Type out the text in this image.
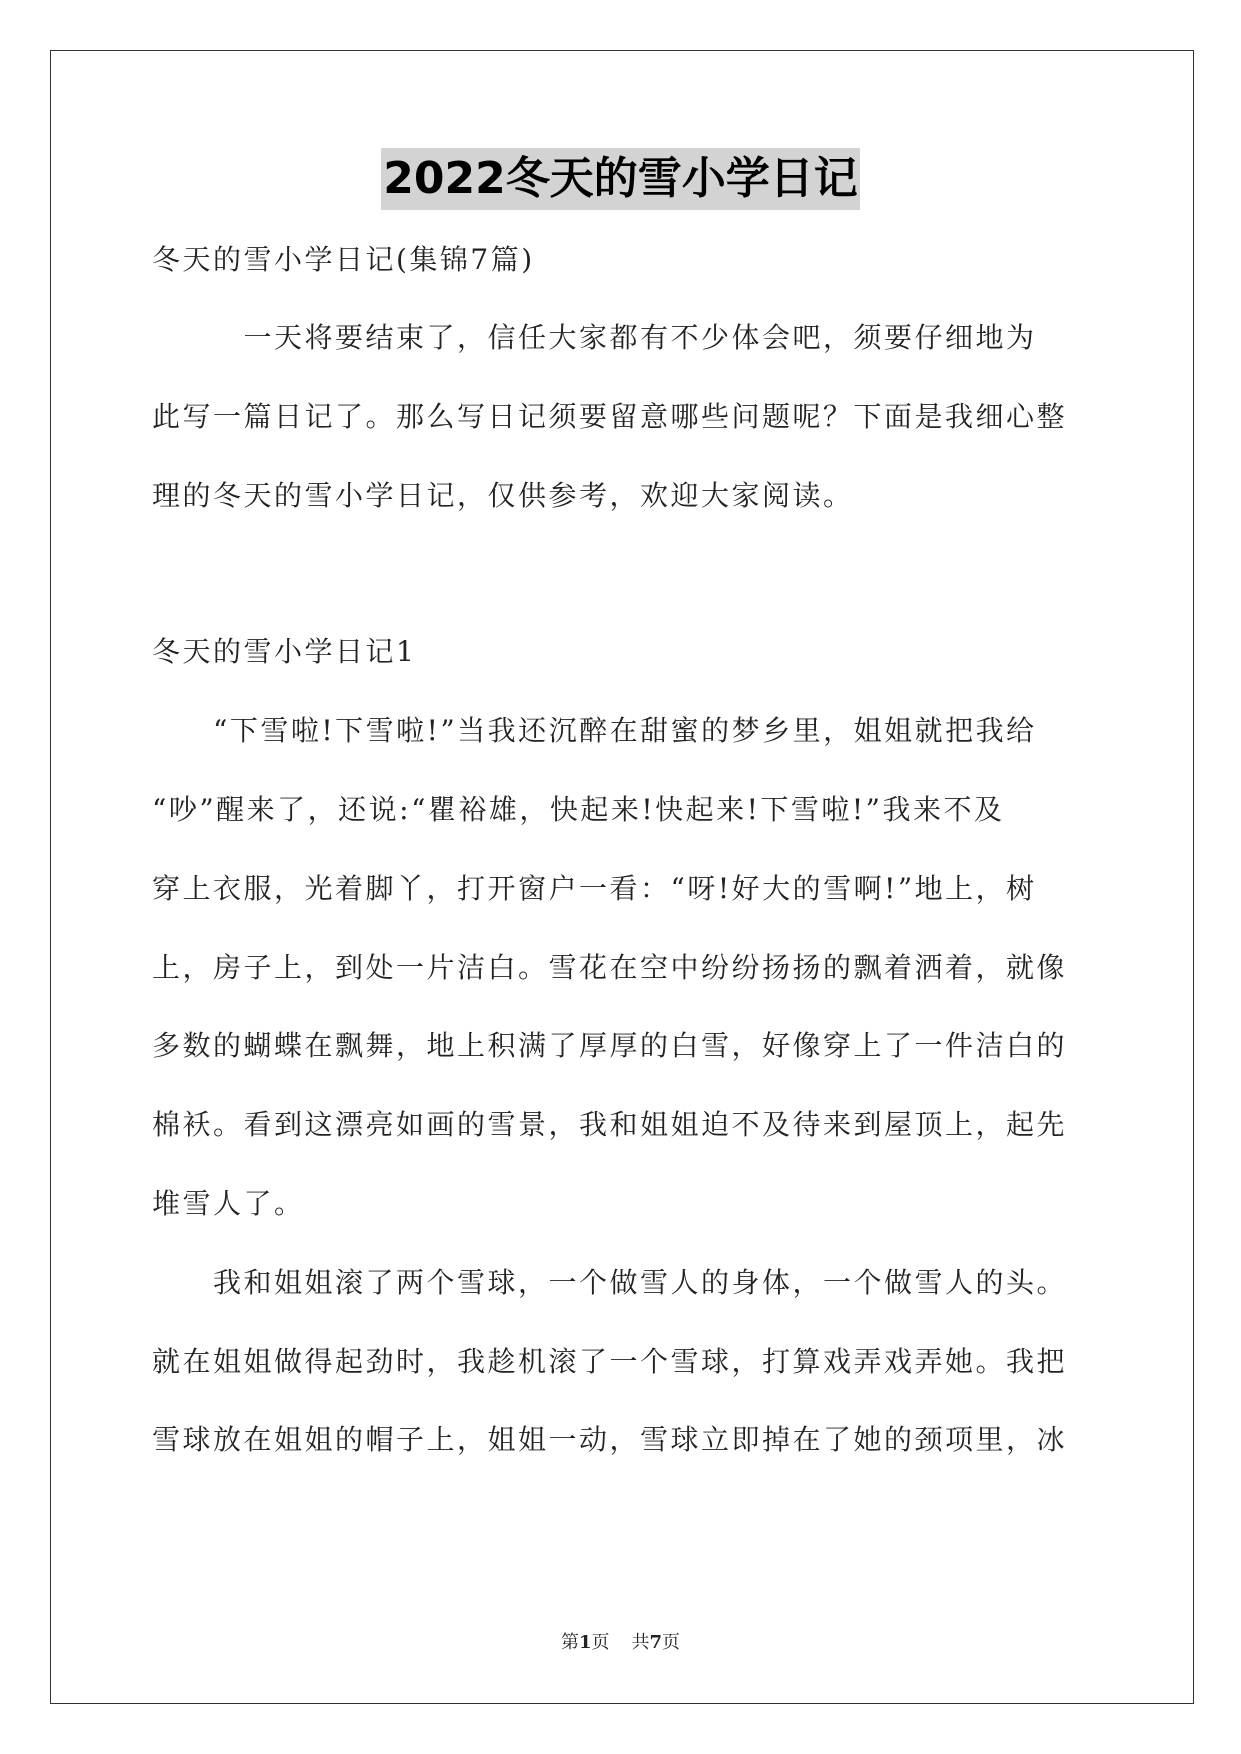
2022冬天的雪小学日记
冬天的雪小学日记(集锦7篇)
　　　一天将要结束了，信任大家都有不少体会吧，须要仔细地为
此写一篇日记了。那么写日记须要留意哪些问题呢？下面是我细心整
理的冬天的雪小学日记，仅供参考，欢迎大家阅读。
冬天的雪小学日记1
　　“下雪啦!下雪啦!”当我还沉醉在甜蜜的梦乡里，姐姐就把我给
“吵”醒来了，还说:“瞿裕雄，快起来!快起来!下雪啦!”我来不及
穿上衣服，光着脚丫，打开窗户一看：“呀!好大的雪啊!”地上，树
上，房子上，到处一片洁白。雪花在空中纷纷扬扬的飘着洒着，就像
多数的蝴蝶在飘舞，地上积满了厚厚的白雪，好像穿上了一件洁白的
棉袄。看到这漂亮如画的雪景，我和姐姐迫不及待来到屋顶上，起先
堆雪人了。
　　我和姐姐滚了两个雪球，一个做雪人的身体，一个做雪人的头。
就在姐姐做得起劲时，我趁机滚了一个雪球，打算戏弄戏弄她。我把
雪球放在姐姐的帽子上，姐姐一动，雪球立即掉在了她的颈项里，冰
第1页 共7页
